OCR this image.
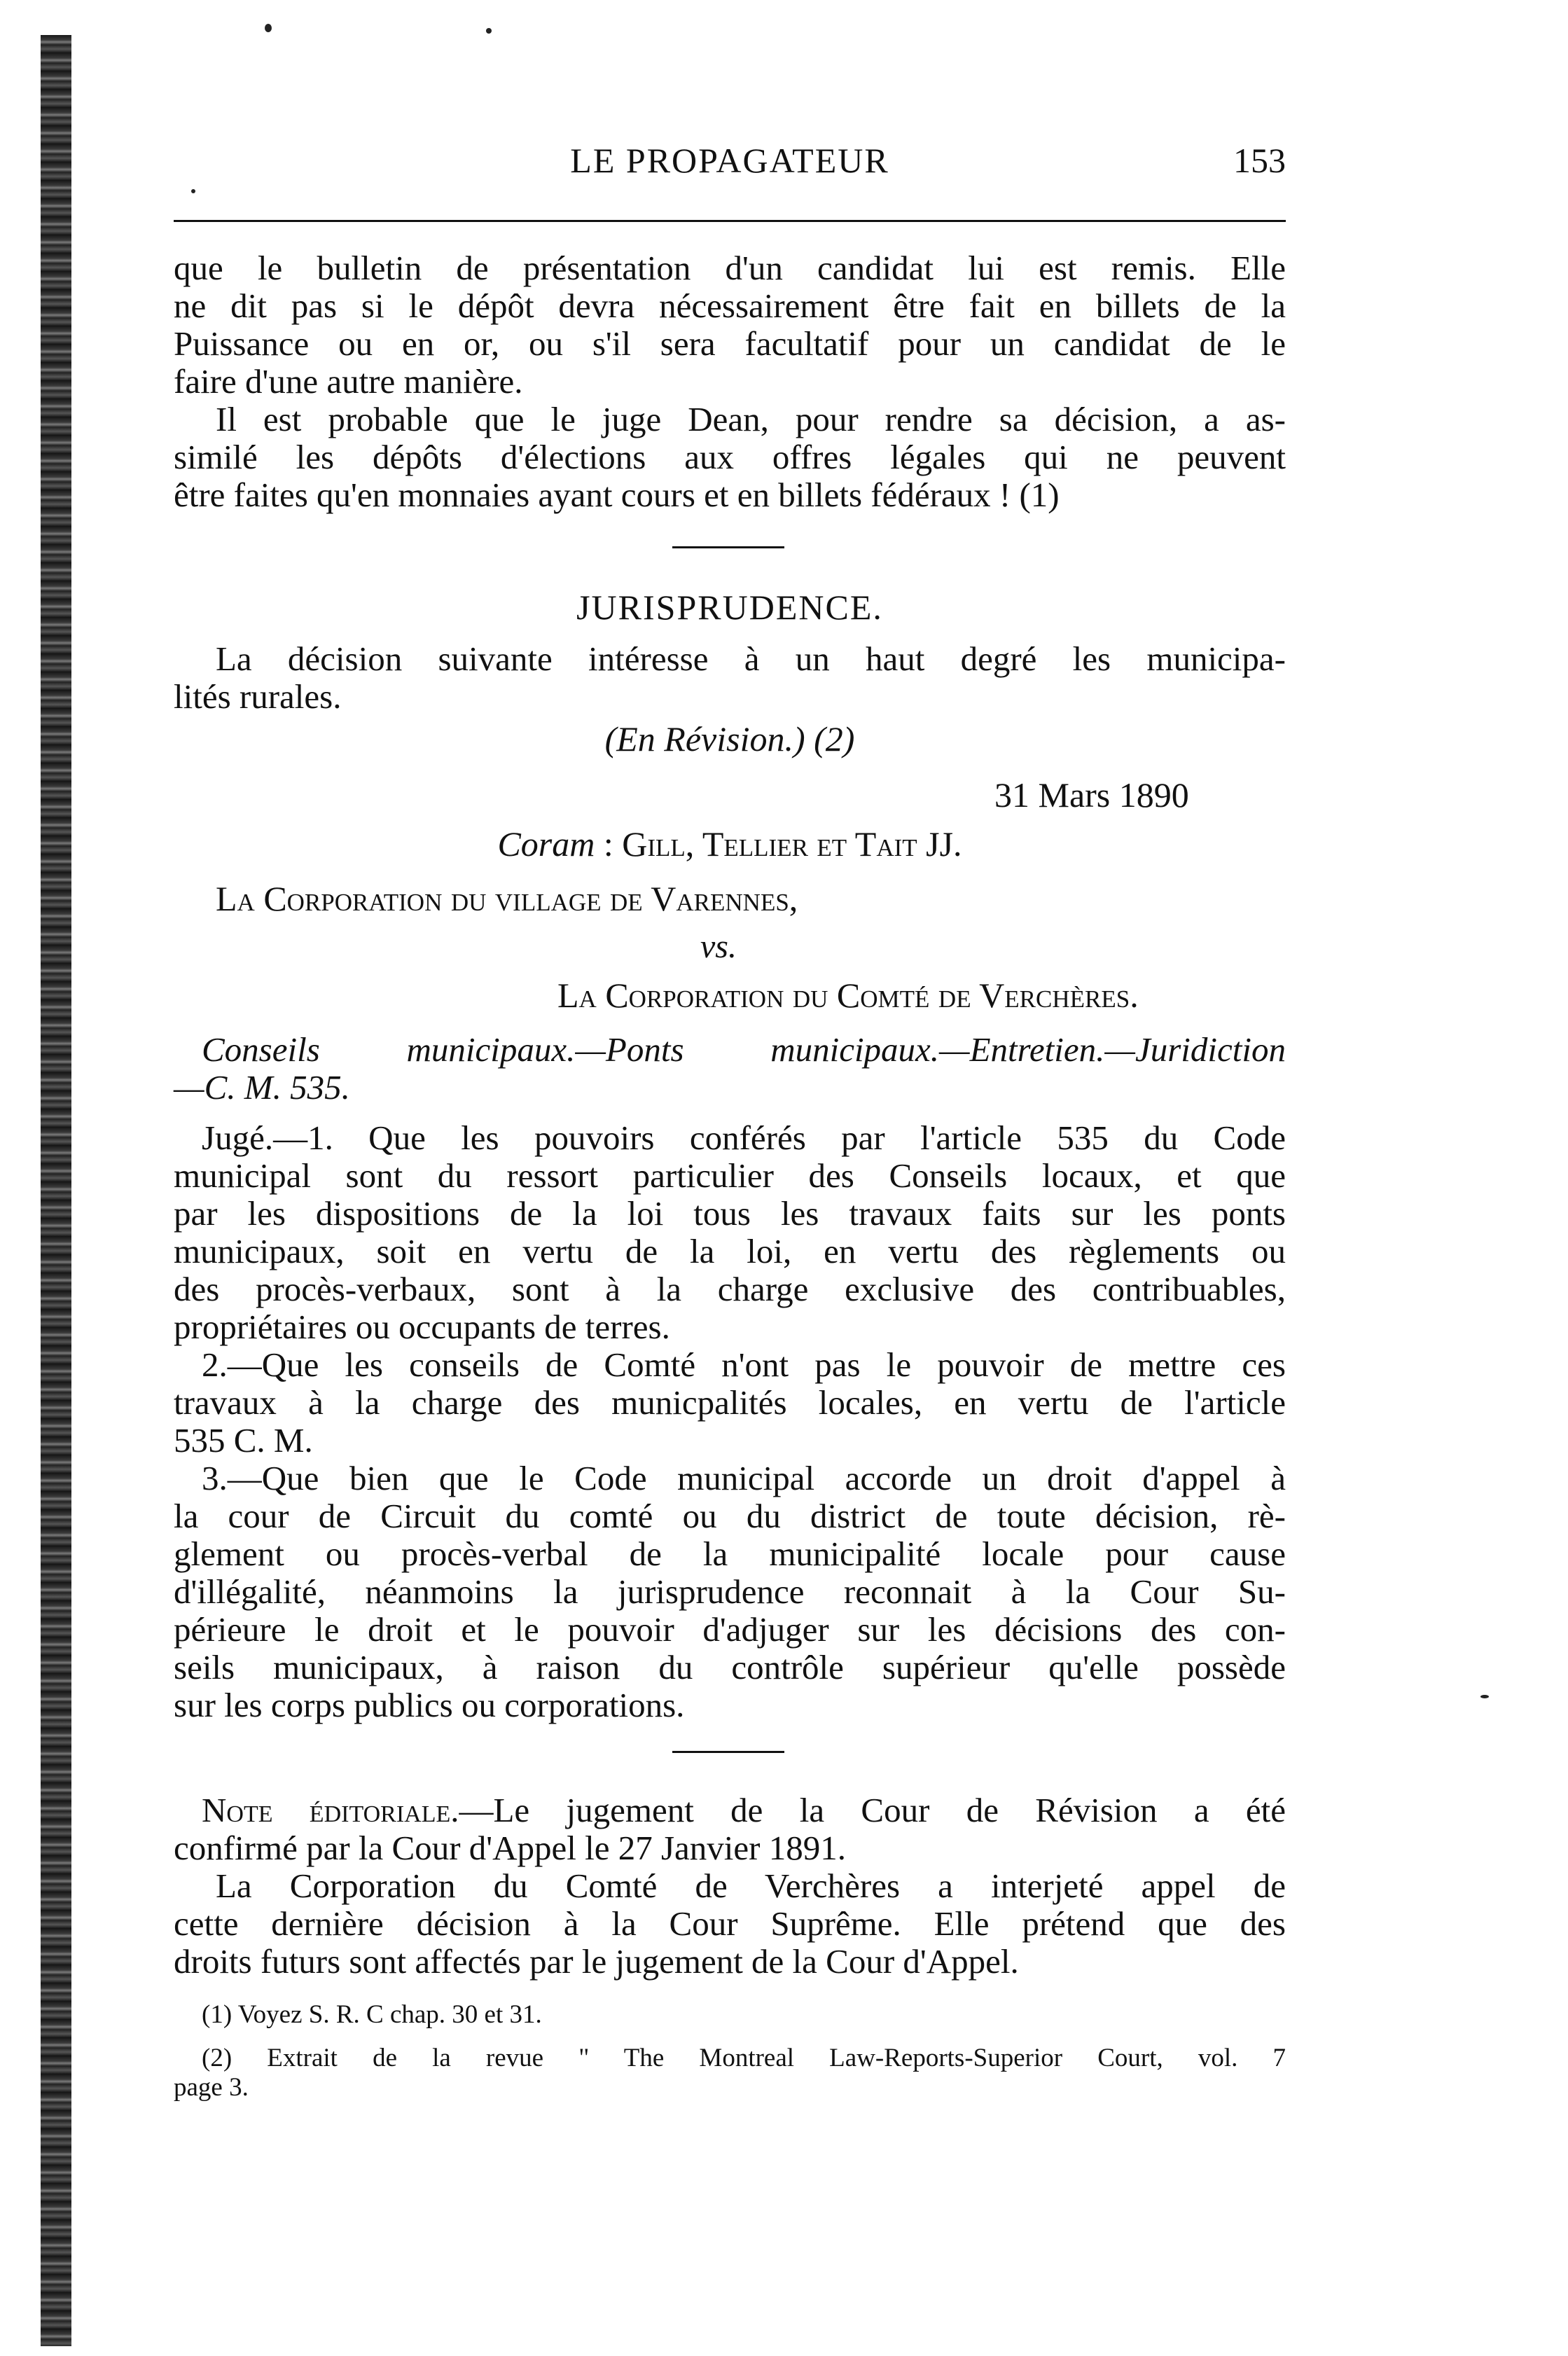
LE PROPAGATEUR	153
que le bulletin de présentation d'un candidat lui est remis. Elle
ne dit pas si le dépôt devra nécessairement être fait en billets de la
Puissance ou en or, ou s'il sera facultatif pour un candidat de le
faire d'une autre manière.
Il est probable que le juge Dean, pour rendre sa décision, a as-
similé les dépôts d'élections aux offres légales qui ne peuvent
être faites qu'en monnaies ayant cours et en billets fédéraux ! (1)
JURISPRUDENCE.
La décision suivante intéresse à un haut degré les municipa-
lités rurales.
(En Révision.) (2)
31 Mars 1890
Coram : Gill, Tellier et Tait JJ.
La Corporation du village de Varennes,
vs.
La Corporation du Comté de Verchères.
Conseils municipaux.—Ponts municipaux.—Entretien.—Juridiction
—C. M. 535.
Jugé.—1. Que les pouvoirs conférés par l'article 535 du Code
municipal sont du ressort particulier des Conseils locaux, et que
par les dispositions de la loi tous les travaux faits sur les ponts
municipaux, soit en vertu de la loi, en vertu des règlements ou
des procès-verbaux, sont à la charge exclusive des contribuables,
propriétaires ou occupants de terres.
2.—Que les conseils de Comté n'ont pas le pouvoir de mettre ces
travaux à la charge des municpalités locales, en vertu de l'article
535 C. M.
3.—Que bien que le Code municipal accorde un droit d'appel à
la cour de Circuit du comté ou du district de toute décision, rè-
glement ou procès-verbal de la municipalité locale pour cause
d'illégalité, néanmoins la jurisprudence reconnait à la Cour Su-
périeure le droit et le pouvoir d'adjuger sur les décisions des con-
seils municipaux, à raison du contrôle supérieur qu'elle possède
sur les corps publics ou corporations.
Note éditoriale.—Le jugement de la Cour de Révision a été
confirmé par la Cour d'Appel le 27 Janvier 1891.
La Corporation du Comté de Verchères a interjeté appel de
cette dernière décision à la Cour Suprême. Elle prétend que des
droits futurs sont affectés par le jugement de la Cour d'Appel.
(1) Voyez S. R. C chap. 30 et 31.
(2) Extrait de la revue " The Montreal Law-Reports-Superior Court, vol. 7
page 3.
